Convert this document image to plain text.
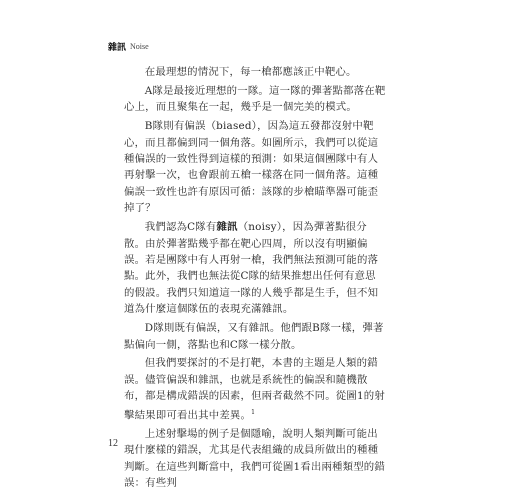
雜訊 Noise

在最理想的情況下，每一槍都應該正中靶心。

A隊是最接近理想的一隊。這一隊的彈著點都落在靶心上，而且聚集在一起，幾乎是一個完美的模式。

B隊則有偏誤（biased），因為這五發都沒射中靶心，而且都偏到同一個角落。如圖所示，我們可以從這種偏誤的一致性得到這樣的預測：如果這個團隊中有人再射擊一次，也會跟前五槍一樣落在同一個角落。這種偏誤一致性也許有原因可循：該隊的步槍瞄準器可能歪掉了？

我們認為C隊有雜訊（noisy），因為彈著點很分散。由於彈著點幾乎都在靶心四周，所以沒有明顯偏誤。若是團隊中有人再射一槍，我們無法預測可能的落點。此外，我們也無法從C隊的結果推想出任何有意思的假設。我們只知道這一隊的人幾乎都是生手，但不知道為什麼這個隊伍的表現充滿雜訊。

D隊則既有偏誤，又有雜訊。他們跟B隊一樣，彈著點偏向一側，落點也和C隊一樣分散。

但我們要探討的不是打靶，本書的主題是人類的錯誤。儘管偏誤和雜訊，也就是系統性的偏誤和隨機散布，都是構成錯誤的因素，但兩者截然不同。從圖1的射擊結果即可看出其中差異。$^1$

上述射擊場的例子是個隱喻，說明人類判斷可能出現什麼樣的錯誤，尤其是代表組織的成員所做出的種種判斷。在這些判斷當中，我們可從圖1看出兩種類型的錯誤：有些判

12
